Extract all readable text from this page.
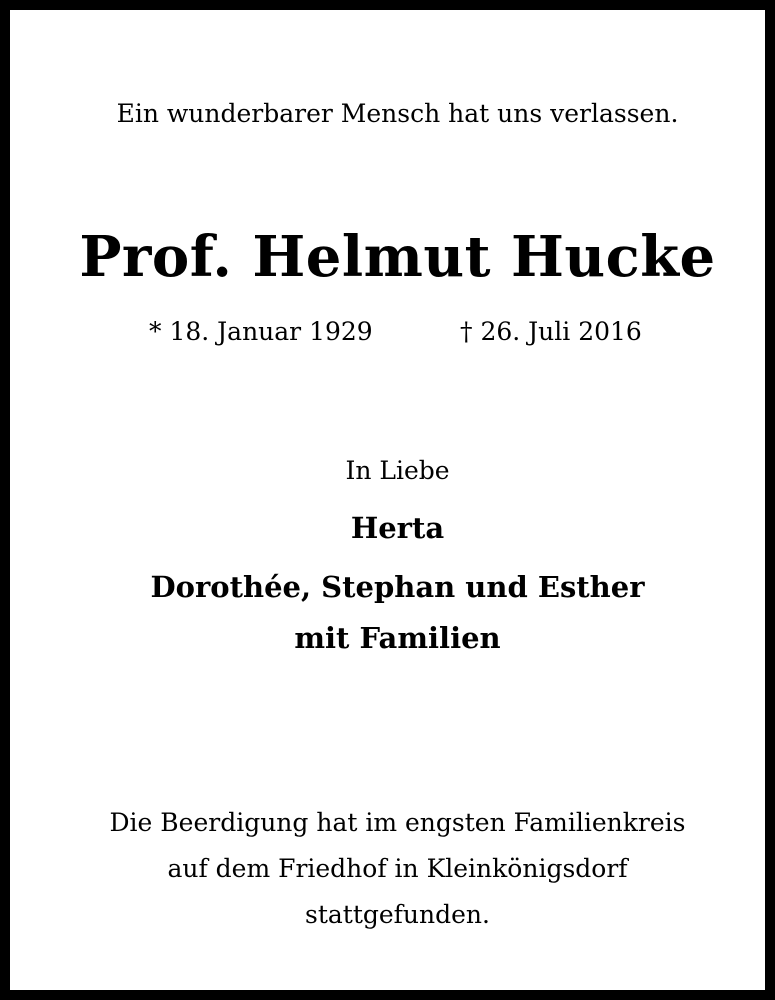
Ein wunderbarer Mensch hat uns verlassen.
Prof. Helmut Hucke
* 18. Januar 1929	† 26. Juli 2016
In Liebe
Herta
Dorothée, Stephan und Esther
mit Familien
Die Beerdigung hat im engsten Familienkreis
auf dem Friedhof in Kleinkönigsdorf
stattgefunden.
